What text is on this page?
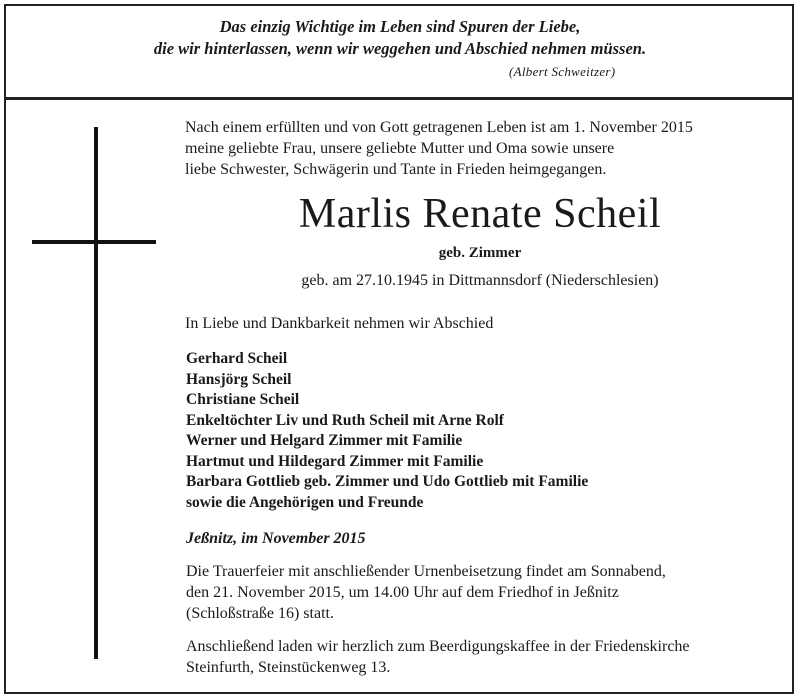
Das einzig Wichtige im Leben sind Spuren der Liebe,
die wir hinterlassen, wenn wir weggehen und Abschied nehmen müssen.
(Albert Schweitzer)
Nach einem erfüllten und von Gott getragenen Leben ist am 1. November 2015
meine geliebte Frau, unsere geliebte Mutter und Oma sowie unsere
liebe Schwester, Schwägerin und Tante in Frieden heimgegangen.
Marlis Renate Scheil
geb. Zimmer
geb. am 27.10.1945 in Dittmannsdorf (Niederschlesien)
In Liebe und Dankbarkeit nehmen wir Abschied
Gerhard Scheil
Hansjörg Scheil
Christiane Scheil
Enkeltöchter Liv und Ruth Scheil mit Arne Rolf
Werner und Helgard Zimmer mit Familie
Hartmut und Hildegard Zimmer mit Familie
Barbara Gottlieb geb. Zimmer und Udo Gottlieb mit Familie
sowie die Angehörigen und Freunde
Jeßnitz, im November 2015
Die Trauerfeier mit anschließender Urnenbeisetzung findet am Sonnabend,
den 21. November 2015, um 14.00 Uhr auf dem Friedhof in Jeßnitz
(Schloßstraße 16) statt.
Anschließend laden wir herzlich zum Beerdigungskaffee in der Friedenskirche
Steinfurth, Steinstückenweg 13.
